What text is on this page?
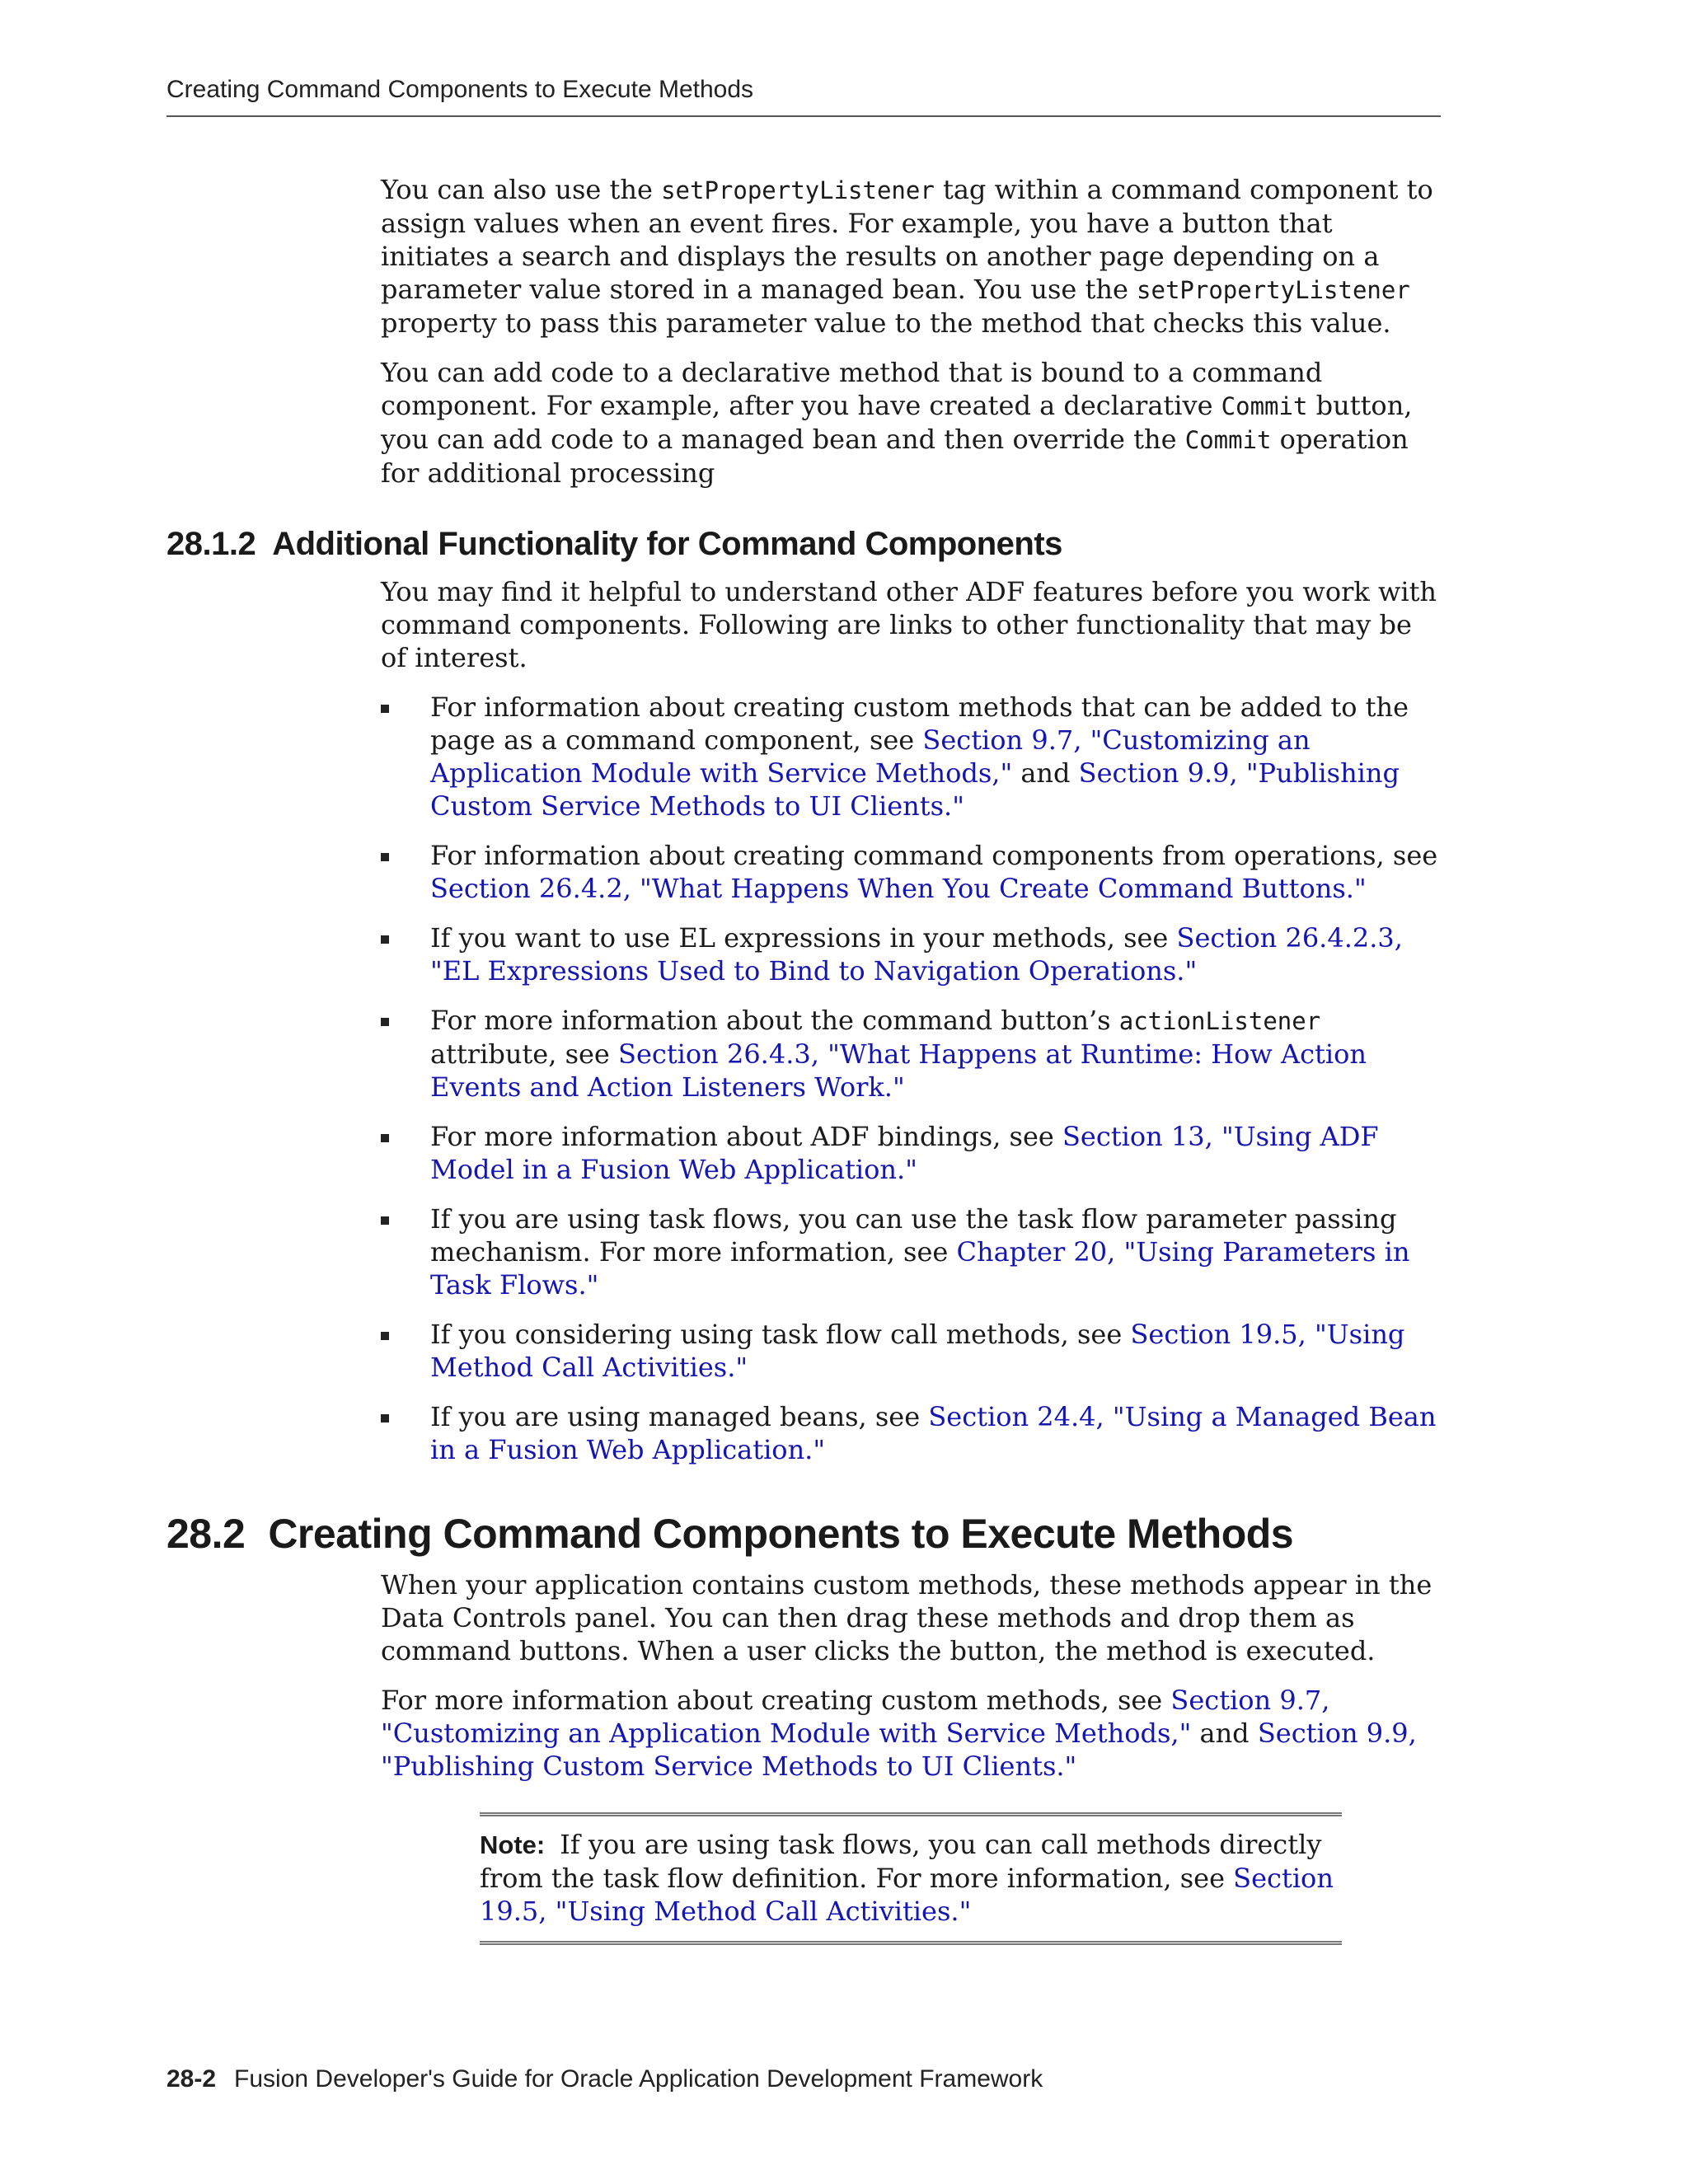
Creating Command Components to Execute Methods

You can also use the setPropertyListener tag within a command component to assign values when an event fires. For example, you have a button that initiates a search and displays the results on another page depending on a parameter value stored in a managed bean. You use the setPropertyListener property to pass this parameter value to the method that checks this value.

You can add code to a declarative method that is bound to a command component. For example, after you have created a declarative Commit button, you can add code to a managed bean and then override the Commit operation for additional processing

28.1.2 Additional Functionality for Command Components

You may find it helpful to understand other ADF features before you work with command components. Following are links to other functionality that may be of interest.

For information about creating custom methods that can be added to the page as a command component, see Section 9.7, "Customizing an Application Module with Service Methods," and Section 9.9, "Publishing Custom Service Methods to UI Clients."
For information about creating command components from operations, see Section 26.4.2, "What Happens When You Create Command Buttons."
If you want to use EL expressions in your methods, see Section 26.4.2.3, "EL Expressions Used to Bind to Navigation Operations."
For more information about the command button’s actionListener attribute, see Section 26.4.3, "What Happens at Runtime: How Action Events and Action Listeners Work."
For more information about ADF bindings, see Section 13, "Using ADF Model in a Fusion Web Application."
If you are using task flows, you can use the task flow parameter passing mechanism. For more information, see Chapter 20, "Using Parameters in Task Flows."
If you considering using task flow call methods, see Section 19.5, "Using Method Call Activities."
If you are using managed beans, see Section 24.4, "Using a Managed Bean in a Fusion Web Application."
28.2 Creating Command Components to Execute Methods

When your application contains custom methods, these methods appear in the Data Controls panel. You can then drag these methods and drop them as command buttons. When a user clicks the button, the method is executed.

For more information about creating custom methods, see Section 9.7, "Customizing an Application Module with Service Methods," and Section 9.9, "Publishing Custom Service Methods to UI Clients."

Note: If you are using task flows, you can call methods directly from the task flow definition. For more information, see Section 19.5, "Using Method Call Activities."
28-2 Fusion Developer's Guide for Oracle Application Development Framework
